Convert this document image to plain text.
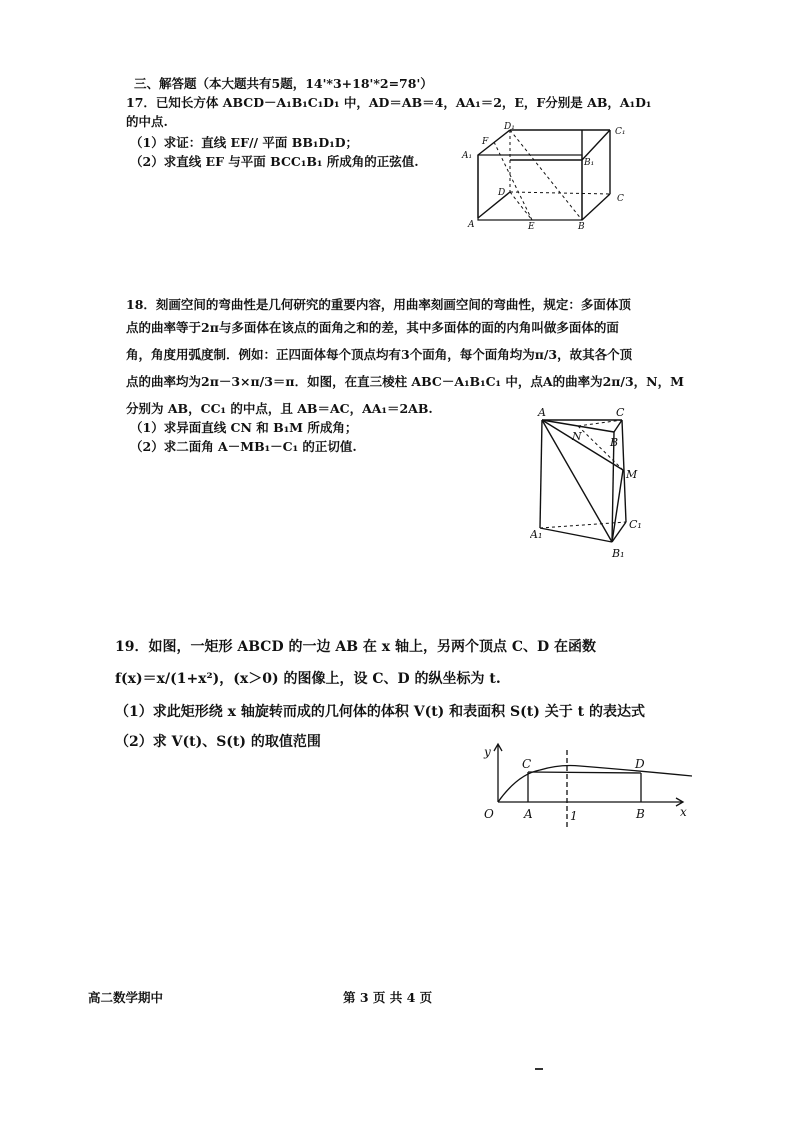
三、解答题（本大题共有5题，14'*3+18'*2=78'）
17．已知长方体 ABCD－A₁B₁C₁D₁ 中，AD＝AB＝4，AA₁＝2，E，F分别是 AB，A₁D₁
的中点.
（1）求证：直线 EF// 平面 BB₁D₁D；
（2）求直线 EF 与平面 BCC₁B₁ 所成角的正弦值.
F
D₁	C₁
A₁
B₁
D
C
A	E	B
18．刻画空间的弯曲性是几何研究的重要内容，用曲率刻画空间的弯曲性，规定：多面体顶
点的曲率等于2π与多面体在该点的面角之和的差，其中多面体的面的内角叫做多面体的面
角，角度用弧度制．例如：正四面体每个顶点均有3个面角，每个面角均为π/3，故其各个顶
点的曲率均为2π－3×π/3＝π．如图，在直三棱柱 ABC－A₁B₁C₁ 中，点A的曲率为2π/3，N，M
分别为 AB，CC₁ 的中点，且 AB＝AC，AA₁＝2AB.
（1）求异面直线 CN 和 B₁M 所成角；
（2）求二面角 A－MB₁－C₁ 的正切值.
A	C
N	B
M
A₁
C₁
B₁
19．如图，一矩形 ABCD 的一边 AB 在 x 轴上，另两个顶点 C、D 在函数
f(x)＝x/(1+x²)，(x＞0) 的图像上，设 C、D 的纵坐标为 t.
（1）求此矩形绕 x 轴旋转而成的几何体的体积 V(t) 和表面积 S(t) 关于 t 的表达式
（2）求 V(t)、S(t) 的取值范围
y
C	D
O	A	1	B	x
高二数学期中	第 3 页 共 4 页
